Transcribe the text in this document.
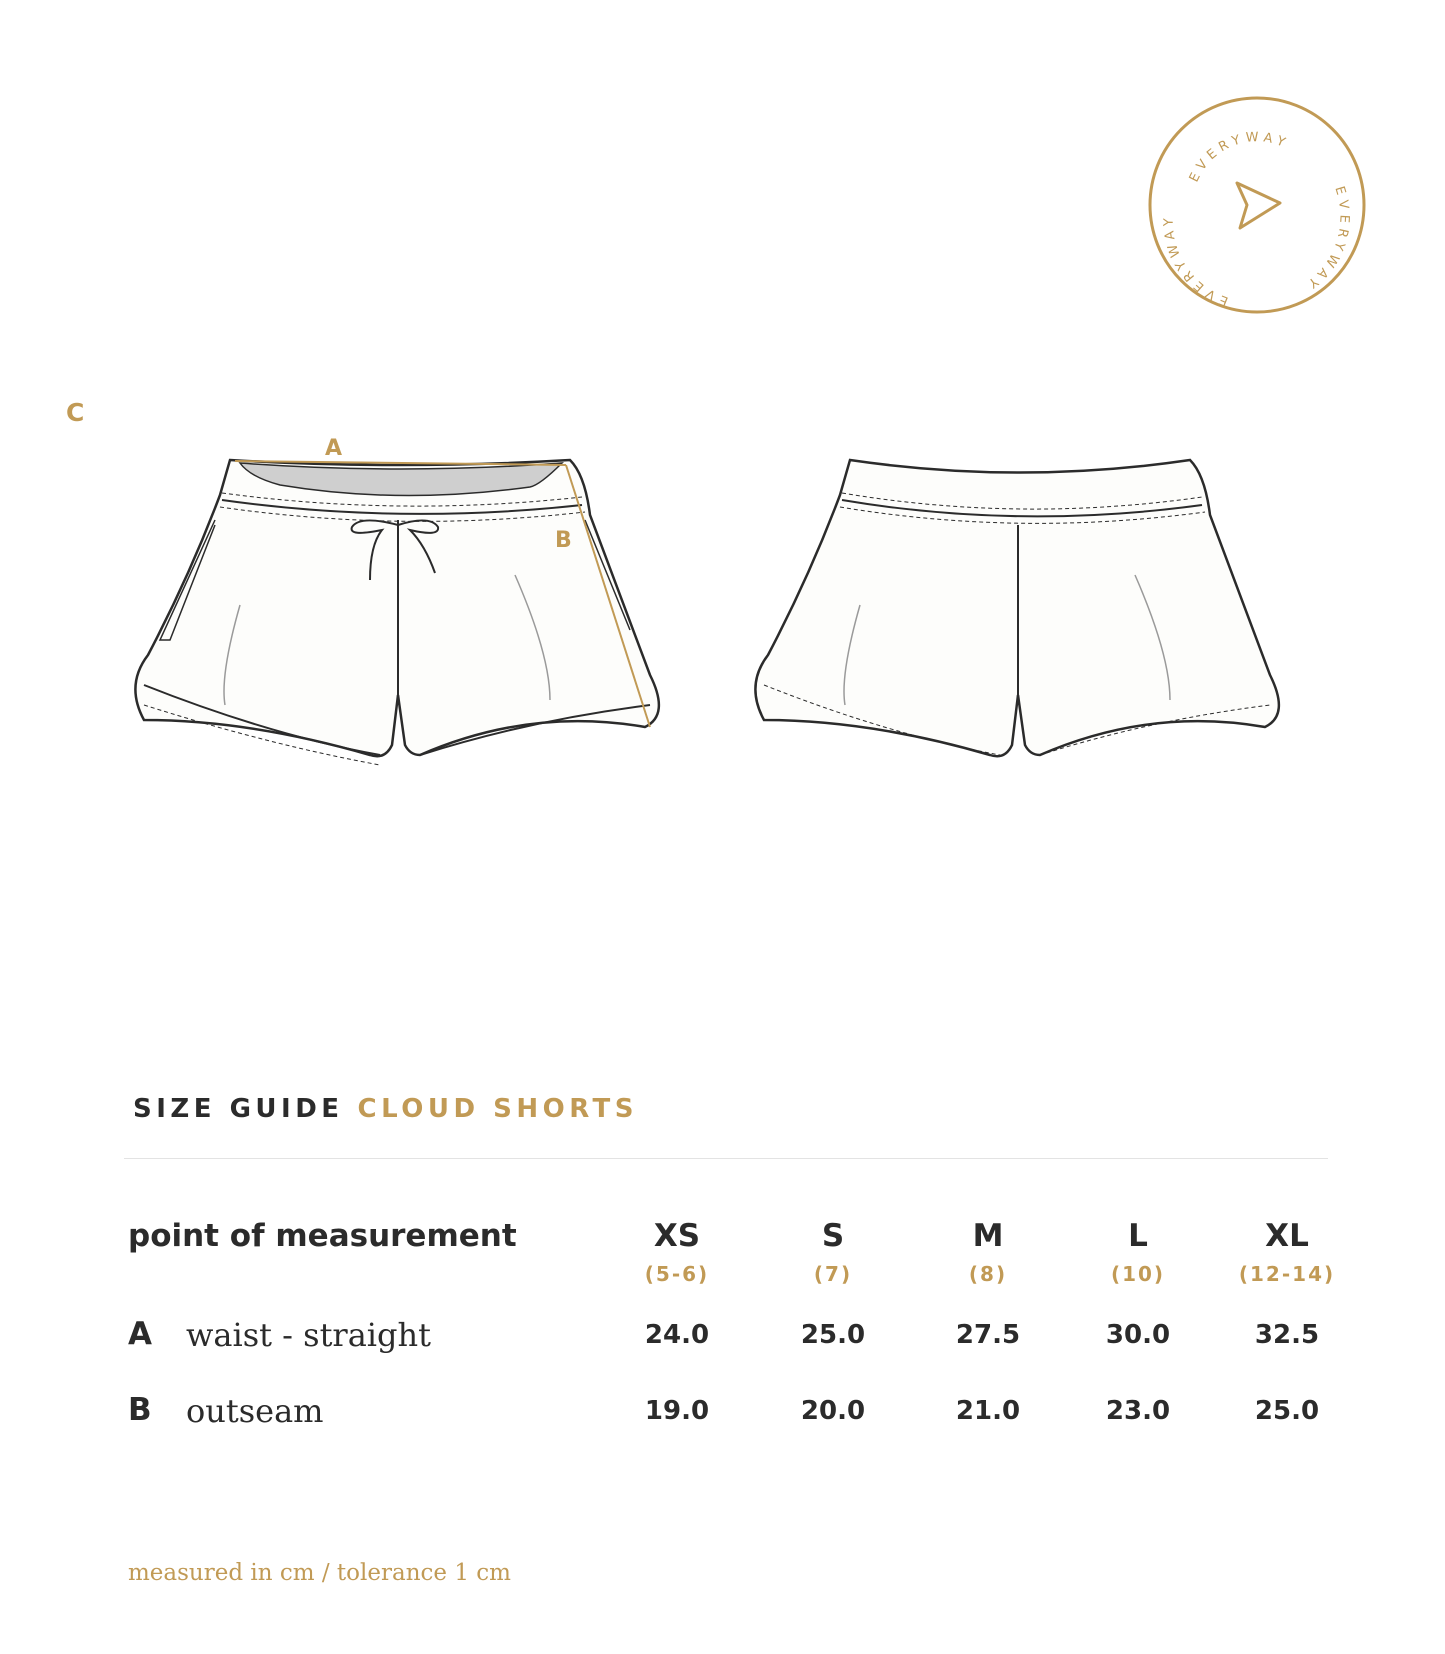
EVERYWAY
EVERYWAY
EVERYWAY
C
A
B
SIZE GUIDE CLOUD SHORTS
point of measurement	XS	S	M	L	XL
(5-6)	(7)	(8)	(10)	(12-14)
A waist - straight	24.0	25.0	27.5	30.0	32.5
B outseam	19.0	20.0	21.0	23.0	25.0
measured in cm / tolerance 1 cm
